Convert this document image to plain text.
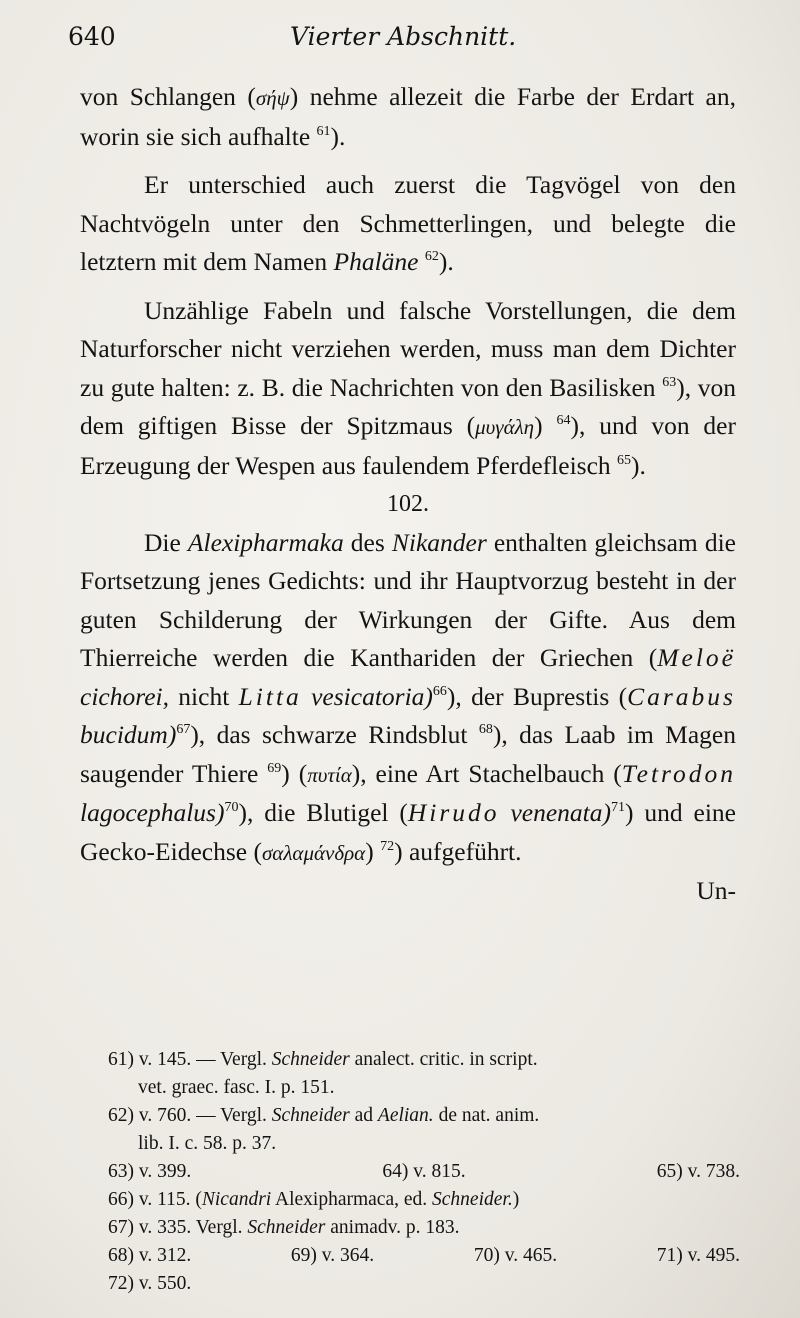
640	Vierter Abschnitt.

von Schlangen (σήψ) nehme allezeit die Farbe der Erdart an, worin sie sich aufhalte $^{61}$).

Er unterschied auch zuerst die Tagvögel von den Nachtvögeln unter den Schmetterlingen, und belegte die letztern mit dem Namen Phaläne $^{62}$).

Unzählige Fabeln und falsche Vorstellungen, die dem Naturforscher nicht verziehen werden, muss man dem Dichter zu gute halten: z. B. die Nachrichten von den Basilisken $^{63}$), von dem giftigen Bisse der Spitzmaus (μυγάλη) $^{64}$), und von der Erzeugung der Wespen aus faulendem Pferdefleisch $^{65}$).

102.

Die Alexipharmaka des Nikander enthalten gleichsam die Fortsetzung jenes Gedichts: und ihr Hauptvorzug besteht in der guten Schilderung der Wirkungen der Gifte. Aus dem Thierreiche werden die Kanthariden der Griechen (Meloë cichorei, nicht Litta vesicatoria)$^{66}$), der Buprestis (Carabus bucidum)$^{67}$), das schwarze Rindsblut $^{68}$), das Laab im Magen saugender Thiere $^{69}$) (πυτία), eine Art Stachelbauch (Tetrodon lagocephalus)$^{70}$), die Blutigel (Hirudo venenata)$^{71}$) und eine Gecko-Eidechse (σαλαμάνδρα) $^{72}$) aufgeführt.

Un-

61) v. 145. — Vergl. Schneider analect. critic. in script.

vet. graec. fasc. I. p. 151.

62) v. 760. — Vergl. Schneider ad Aelian. de nat. anim.

lib. I. c. 58. p. 37.

63) v. 399.	64) v. 815.	65) v. 738.

66) v. 115. (Nicandri Alexipharmaca, ed. Schneider.)

67) v. 335. Vergl. Schneider animadv. p. 183.

68) v. 312.	69) v. 364.	70) v. 465.	71) v. 495.

72) v. 550.
